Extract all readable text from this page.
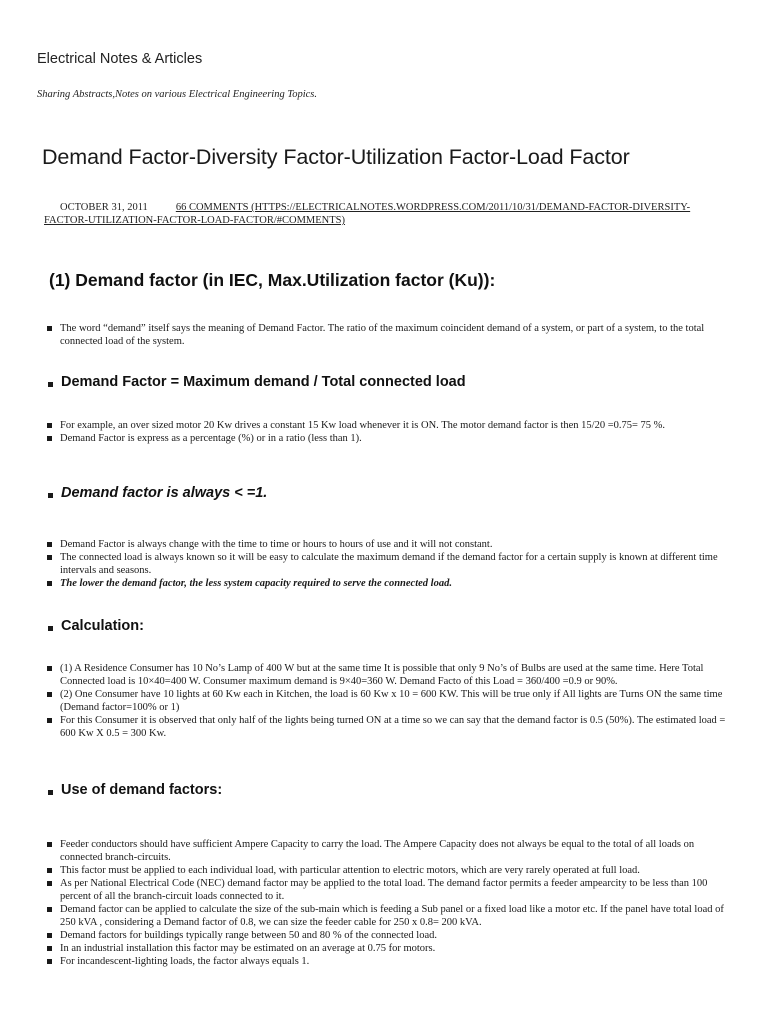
Electrical Notes & Articles

Sharing Abstracts,Notes on various Electrical Engineering Topics.

Demand Factor-Diversity Factor-Utilization Factor-Load Factor

OCTOBER 31, 2011	66 COMMENTS (HTTPS://ELECTRICALNOTES.WORDPRESS.COM/2011/10/31/DEMAND-FACTOR-DIVERSITY-FACTOR-UTILIZATION-FACTOR-LOAD-FACTOR/#COMMENTS)

(1) Demand factor (in IEC, Max.Utilization factor (Ku)):
The word “demand” itself says the meaning of Demand Factor. The ratio of the maximum coincident demand of a system, or part of a system, to the total connected load of the system.
Demand Factor = Maximum demand / Total connected load
For example, an over sized motor 20 Kw drives a constant 15 Kw load whenever it is ON. The motor demand factor is then 15/20 =0.75= 75 %.
Demand Factor is express as a percentage (%) or in a ratio (less than 1).
Demand factor is always < =1.
Demand Factor is always change with the time to time or hours to hours of use and it will not constant.
The connected load is always known so it will be easy to calculate the maximum demand if the demand factor for a certain supply is known at different time intervals and seasons.
The lower the demand factor, the less system capacity required to serve the connected load.
Calculation:
(1) A Residence Consumer has 10 No’s Lamp of 400 W but at the same time It is possible that only 9 No’s of Bulbs are used at the same time. Here Total Connected load is 10×40=400 W. Consumer maximum demand is 9×40=360 W. Demand Facto of this Load = 360/400 =0.9 or 90%.
(2) One Consumer have 10 lights at 60 Kw each in Kitchen, the load is 60 Kw x 10 = 600 KW. This will be true only if All lights are Turns ON the same time (Demand factor=100% or 1)
For this Consumer it is observed that only half of the lights being turned ON at a time so we can say that the demand factor is 0.5 (50%). The estimated load = 600 Kw X 0.5 = 300 Kw.
Use of demand factors:
Feeder conductors should have sufficient Ampere Capacity to carry the load. The Ampere Capacity does not always be equal to the total of all loads on connected branch-circuits.
This factor must be applied to each individual load, with particular attention to electric motors, which are very rarely operated at full load.
As per National Electrical Code (NEC) demand factor may be applied to the total load. The demand factor permits a feeder ampearcity to be less than 100 percent of all the branch-circuit loads connected to it.
Demand factor can be applied to calculate the size of the sub-main which is feeding a Sub panel or a fixed load like a motor etc. If the panel have total load of 250 kVA , considering a Demand factor of 0.8, we can size the feeder cable for 250 x 0.8= 200 kVA.
Demand factors for buildings typically range between 50 and 80 % of the connected load.
In an industrial installation this factor may be estimated on an average at 0.75 for motors.
For incandescent-lighting loads, the factor always equals 1.
